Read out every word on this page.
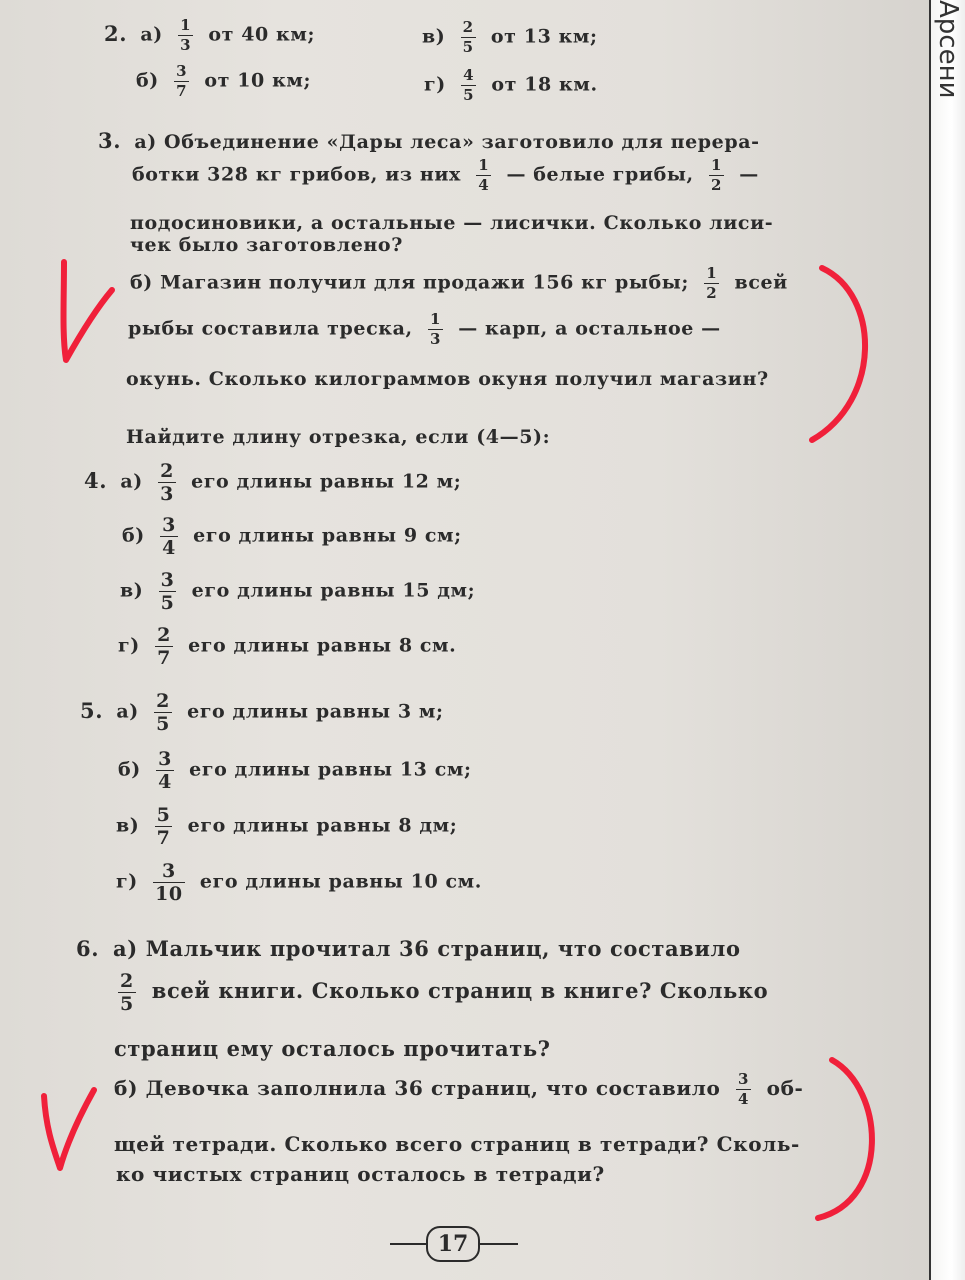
2. $а) \frac{1}{3}$ от 40 км;	$в) \frac{2}{5}$ от 13 км;
$б) \frac{3}{7}$ от 10 км;	$г) \frac{4}{5}$ от 18 км.
3. а) Объединение «Дары леса» заготовило для перера-
ботки 328 кг грибов, из них $\frac{1}{4}$ — белые грибы, $\frac{1}{2}$ —
подосиновики, а остальные — лисички. Сколько лиси-
чек было заготовлено?
б) Магазин получил для продажи 156 кг рыбы; $\frac{1}{2}$ всей
рыбы составила треска, $\frac{1}{3}$ — карп, а остальное —
окунь. Сколько килограммов окуня получил магазин?
Найдите длину отрезка, если (4—5):
4. $а) \frac{2}{3}$ его длины равны 12 м;
$б) \frac{3}{4}$ его длины равны 9 см;
$в) \frac{3}{5}$ его длины равны 15 дм;
$г) \frac{2}{7}$ его длины равны 8 см.
5. $а) \frac{2}{5}$ его длины равны 3 м;
$б) \frac{3}{4}$ его длины равны 13 см;
$в) \frac{5}{7}$ его длины равны 8 дм;
$г) \frac{3}{10}$ его длины равны 10 см.
6. а) Мальчик прочитал 36 страниц, что составило
$\frac{2}{5}$ всей книги. Сколько страниц в книге? Сколько
страниц ему осталось прочитать?
б) Девочка заполнила 36 страниц, что составило $\frac{3}{4} об-$
щей тетради. Сколько всего страниц в тетради? Сколь-
ко чистых страниц осталось в тетради?
17
Арсени
